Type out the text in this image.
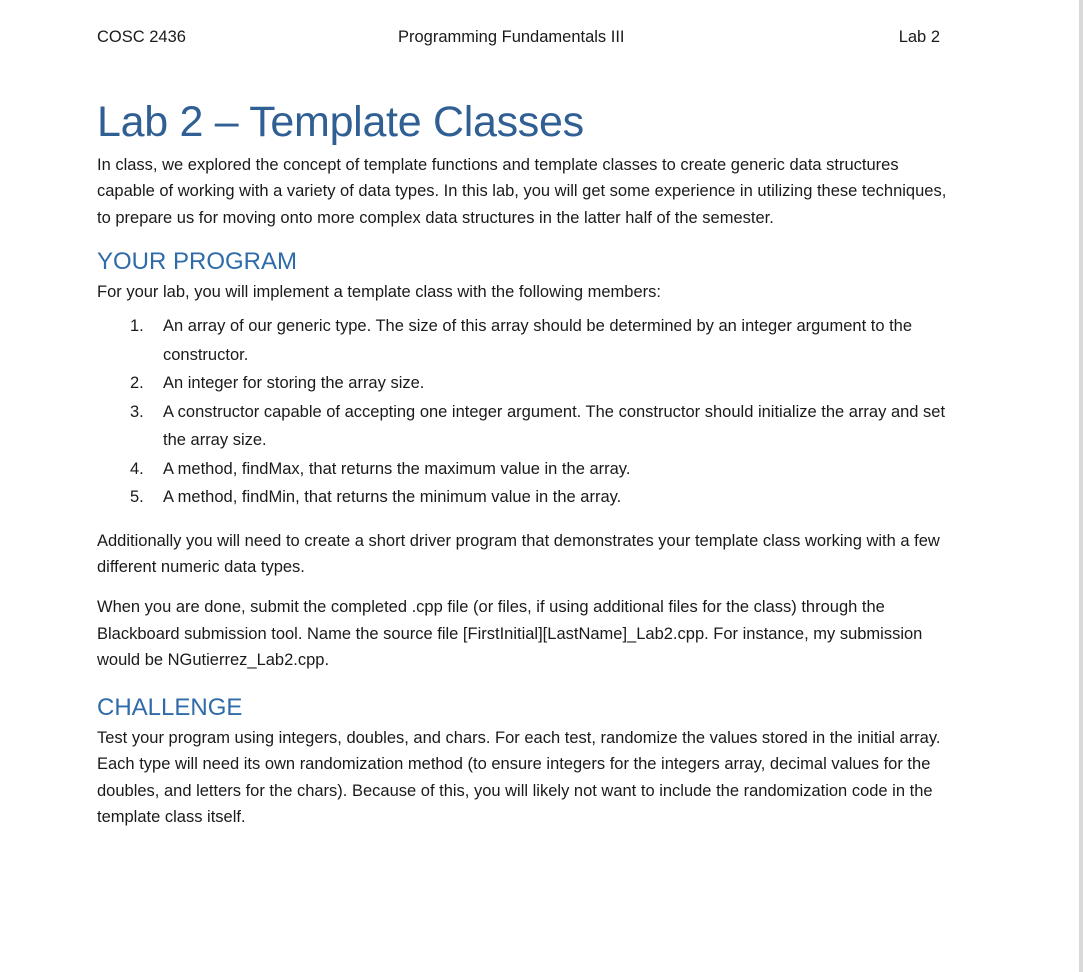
COSC 2436	Programming Fundamentals III	Lab 2
Lab 2 – Template Classes

In class, we explored the concept of template functions and template classes to create generic data structures capable of working with a variety of data types. In this lab, you will get some experience in utilizing these techniques, to prepare us for moving onto more complex data structures in the latter half of the semester.

YOUR PROGRAM

For your lab, you will implement a template class with the following members:

1. An array of our generic type. The size of this array should be determined by an integer argument to the constructor.
2. An integer for storing the array size.
3. A constructor capable of accepting one integer argument. The constructor should initialize the array and set the array size.
4. A method, findMax, that returns the maximum value in the array.
5. A method, findMin, that returns the minimum value in the array.

Additionally you will need to create a short driver program that demonstrates your template class working with a few different numeric data types.

When you are done, submit the completed .cpp file (or files, if using additional files for the class) through the Blackboard submission tool. Name the source file [FirstInitial][LastName]_Lab2.cpp. For instance, my submission would be NGutierrez_Lab2.cpp.

CHALLENGE

Test your program using integers, doubles, and chars. For each test, randomize the values stored in the initial array. Each type will need its own randomization method (to ensure integers for the integers array, decimal values for the doubles, and letters for the chars). Because of this, you will likely not want to include the randomization code in the template class itself.
